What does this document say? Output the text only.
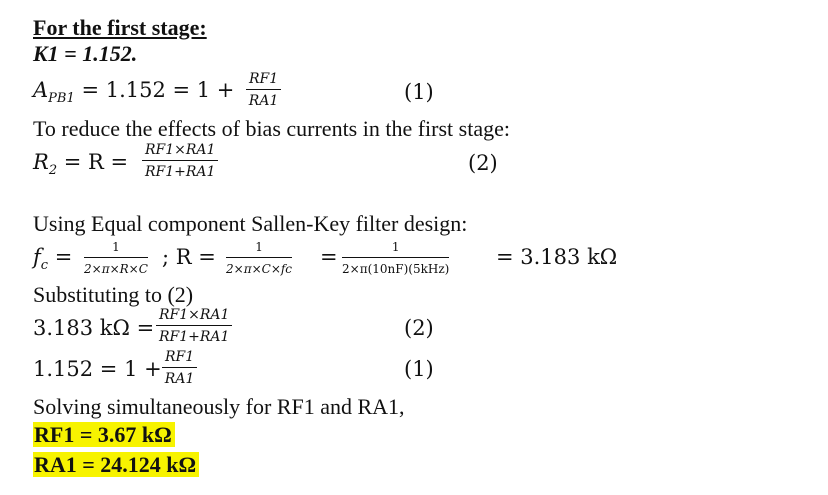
For the first stage:
K1 = 1.152.
$A_{PB1} = 1.152 = 1 + \frac{RF1}{RA1}$	(1)
To reduce the effects of bias currents in the first stage:
$R_2 = R = \frac{RF1\times RA1}{RF1+RA1}$	(2)
Using Equal component Sallen-Key filter design:
$f_c = \frac{1}{2\times\pi\times R\times C}$ ; $R = \frac{1}{2\times\pi\times C\times fc}$ =	1
2×π(10nF)(5kHz) = 3.183 kΩ
Substituting to (2)
3.183 $k\Omega = \frac{RF1\times RA1}{RF1+RA1}$	(2)
$1.152 = 1 + \frac{RF1}{RA1}$	(1)
Solving simultaneously for RF1 and RA1,
RF1 = 3.67 kΩ
RA1 = 24.124 kΩ
